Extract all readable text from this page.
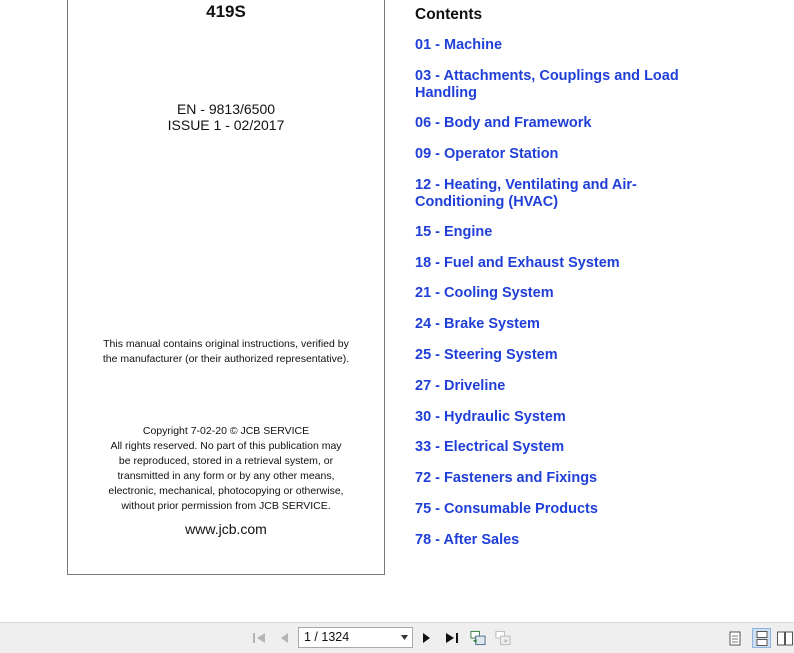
419S
EN - 9813/6500
ISSUE 1 - 02/2017
This manual contains original instructions, verified by
the manufacturer (or their authorized representative).
Copyright 7-02-20 © JCB SERVICE
All rights reserved. No part of this publication may
be reproduced, stored in a retrieval system, or
transmitted in any form or by any other means,
electronic, mechanical, photocopying or otherwise,
without prior permission from JCB SERVICE.
www.jcb.com
Contents
01 - Machine
03 - Attachments, Couplings and Load
Handling
06 - Body and Framework
09 - Operator Station
12 - Heating, Ventilating and Air-
Conditioning (HVAC)
15 - Engine
18 - Fuel and Exhaust System
21 - Cooling System
24 - Brake System
25 - Steering System
27 - Driveline
30 - Hydraulic System
33 - Electrical System
72 - Fasteners and Fixings
75 - Consumable Products
78 - After Sales
1 / 1324
